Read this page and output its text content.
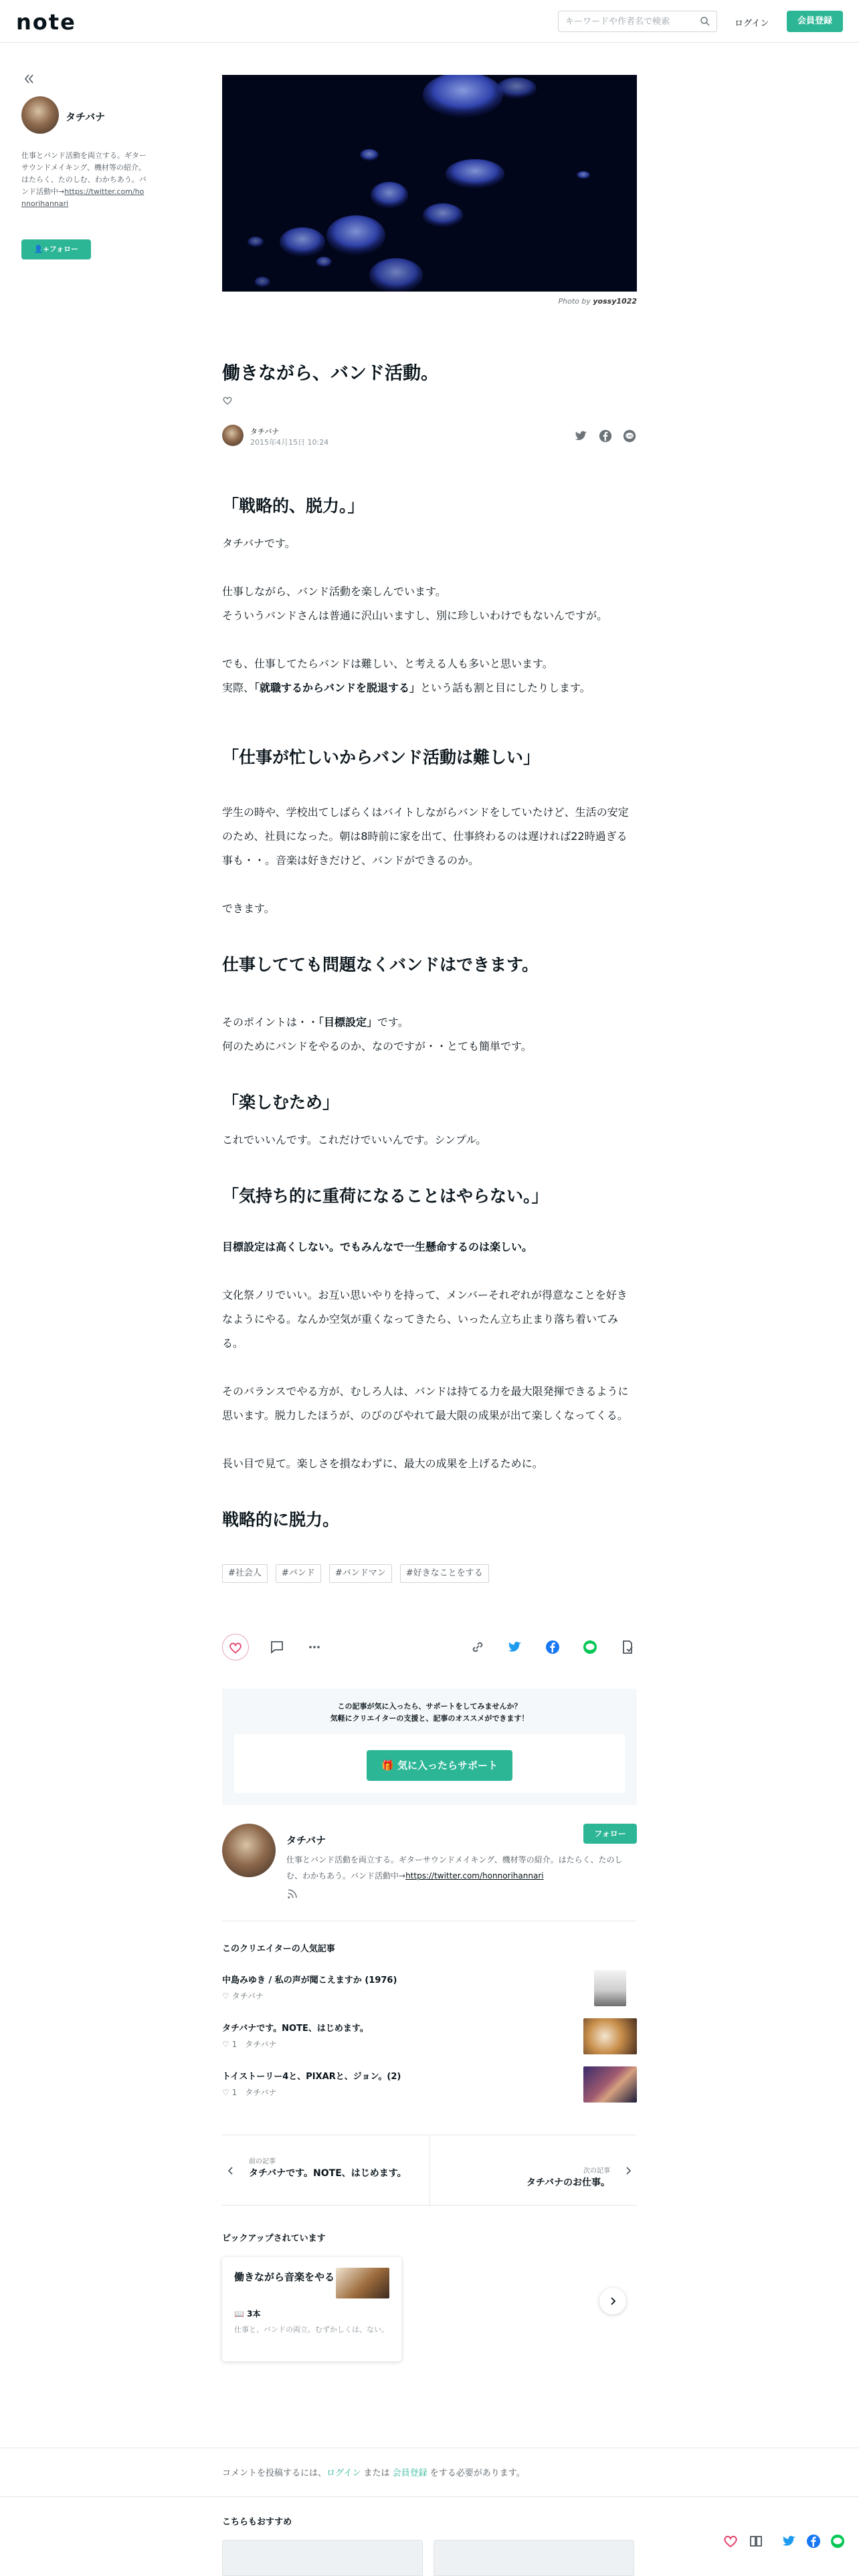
note
キーワードや作者名で検索	ログイン	会員登録
タチバナ
仕事とバンド活動を両立する。ギターサウンドメイキング、機材等の紹介。はたらく、たのしむ、わかちあう。バンド活動中→https://twitter.com/honnorihannari
👤+フォロー
Photo by yossy1022
働きながら、バンド活動。
タチバナ
2015年4月15日 10:24
LINE
「戦略的、脱力。」

タチバナです。

仕事しながら、バンド活動を楽しんでいます。

そういうバンドさんは普通に沢山いますし、別に珍しいわけでもないんですが。

でも、仕事してたらバンドは難しい、と考える人も多いと思います。

実際、「就職するからバンドを脱退する」という話も割と目にしたりします。

「仕事が忙しいからバンド活動は難しい」

学生の時や、学校出てしばらくはバイトしながらバンドをしていたけど、生活の安定のため、社員になった。朝は8時前に家を出て、仕事終わるのは遅ければ22時過ぎる事も・・。音楽は好きだけど、バンドができるのか。

できます。

仕事してても問題なくバンドはできます。

そのポイントは・・「目標設定」です。

何のためにバンドをやるのか、なのですが・・とても簡単です。

「楽しむため」

これでいいんです。これだけでいいんです。シンプル。

「気持ち的に重荷になることはやらない。」

目標設定は高くしない。でもみんなで一生懸命するのは楽しい。

文化祭ノリでいい。お互い思いやりを持って、メンバーそれぞれが得意なことを好きなようにやる。なんか空気が重くなってきたら、いったん立ち止まり落ち着いてみる。

そのバランスでやる方が、むしろ人は、バンドは持てる力を最大限発揮できるように思います。脱力したほうが、のびのびやれて最大限の成果が出て楽しくなってくる。

長い目で見て。楽しさを損なわずに、最大の成果を上げるために。

戦略的に脱力。
#社会人	#バンド	#バンドマン	#好きなことをする
この記事が気に入ったら、サポートをしてみませんか？
気軽にクリエイターの支援と、記事のオススメができます！
🎁 気に入ったらサポート
タチバナ
仕事とバンド活動を両立する。ギターサウンドメイキング、機材等の紹介。はたらく、たのしむ、わかちあう。バンド活動中→https://twitter.com/honnorihannari
フォロー
このクリエイターの人気記事
中島みゆき / 私の声が聞こえますか (1976)
♡ タチバナ
タチバナです。NOTE、はじめます。
♡ 1　 タチバナ
トイストーリー4と、PIXARと、ジョン。(2)
♡ 1　 タチバナ
前の記事
タチバナです。NOTE、はじめます。	次の記事
タチバナのお仕事。
ピックアップされています
働きながら音楽をやる
📖 3本
仕事と、バンドの両立。むずかしくは、ない。

コメントを投稿するには、ログイン または 会員登録 をする必要があります。

こちらもおすすめ
